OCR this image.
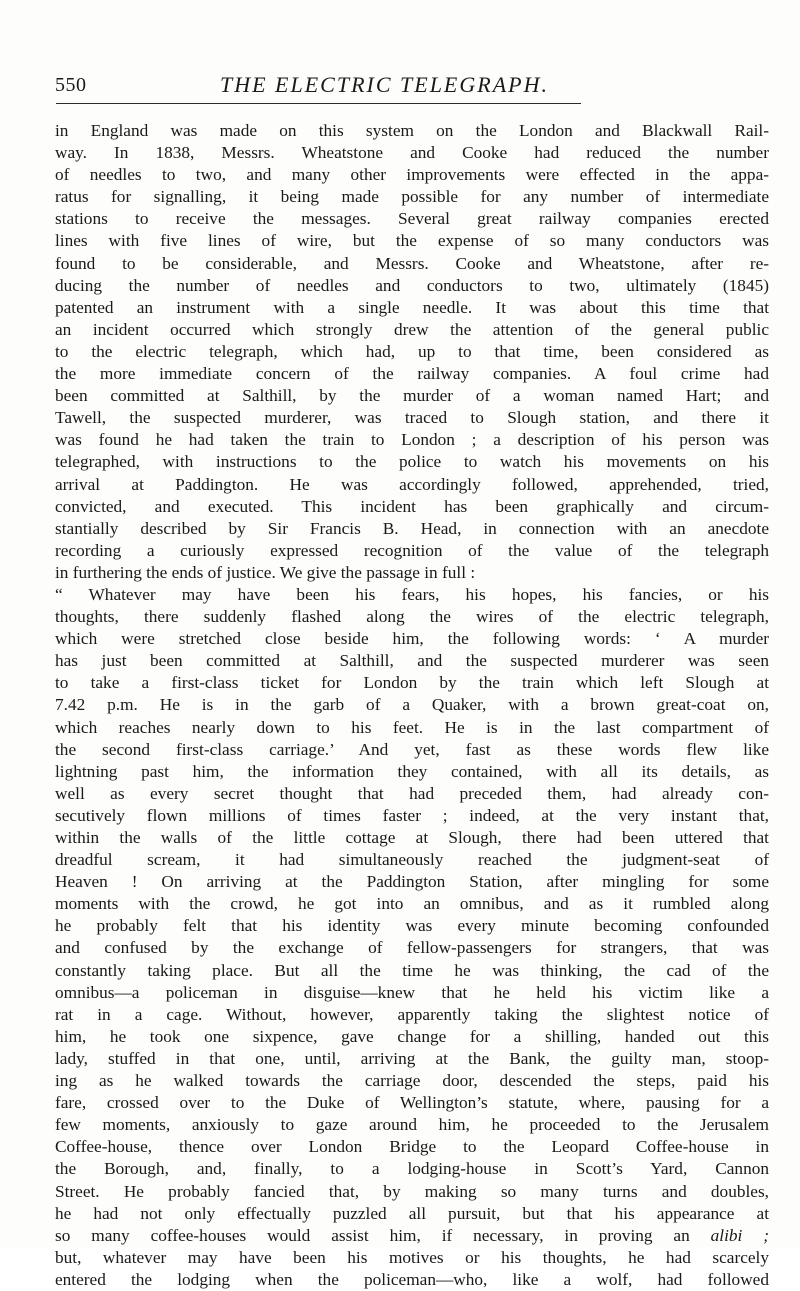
550	THE ELECTRIC TELEGRAPH.
in England was made on this system on the London and Blackwall Rail-
way. In 1838, Messrs. Wheatstone and Cooke had reduced the number
of needles to two, and many other improvements were effected in the appa-
ratus for signalling, it being made possible for any number of intermediate
stations to receive the messages. Several great railway companies erected
lines with five lines of wire, but the expense of so many conductors was
found to be considerable, and Messrs. Cooke and Wheatstone, after re-
ducing the number of needles and conductors to two, ultimately (1845)
patented an instrument with a single needle. It was about this time that
an incident occurred which strongly drew the attention of the general public
to the electric telegraph, which had, up to that time, been considered as
the more immediate concern of the railway companies. A foul crime had
been committed at Salthill, by the murder of a woman named Hart; and
Tawell, the suspected murderer, was traced to Slough station, and there it
was found he had taken the train to London ; a description of his person was
telegraphed, with instructions to the police to watch his movements on his
arrival at Paddington. He was accordingly followed, apprehended, tried,
convicted, and executed. This incident has been graphically and circum-
stantially described by Sir Francis B. Head, in connection with an anecdote
recording a curiously expressed recognition of the value of the telegraph
in furthering the ends of justice. We give the passage in full :
“ Whatever may have been his fears, his hopes, his fancies, or his
thoughts, there suddenly flashed along the wires of the electric telegraph,
which were stretched close beside him, the following words: ‘ A murder
has just been committed at Salthill, and the suspected murderer was seen
to take a first-class ticket for London by the train which left Slough at
7.42 p.m. He is in the garb of a Quaker, with a brown great-coat on,
which reaches nearly down to his feet. He is in the last compartment of
the second first-class carriage.’ And yet, fast as these words flew like
lightning past him, the information they contained, with all its details, as
well as every secret thought that had preceded them, had already con-
secutively flown millions of times faster ; indeed, at the very instant that,
within the walls of the little cottage at Slough, there had been uttered that
dreadful scream, it had simultaneously reached the judgment-seat of
Heaven ! On arriving at the Paddington Station, after mingling for some
moments with the crowd, he got into an omnibus, and as it rumbled along
he probably felt that his identity was every minute becoming confounded
and confused by the exchange of fellow-passengers for strangers, that was
constantly taking place. But all the time he was thinking, the cad of the
omnibus—a policeman in disguise—knew that he held his victim like a
rat in a cage. Without, however, apparently taking the slightest notice of
him, he took one sixpence, gave change for a shilling, handed out this
lady, stuffed in that one, until, arriving at the Bank, the guilty man, stoop-
ing as he walked towards the carriage door, descended the steps, paid his
fare, crossed over to the Duke of Wellington’s statute, where, pausing for a
few moments, anxiously to gaze around him, he proceeded to the Jerusalem
Coffee-house, thence over London Bridge to the Leopard Coffee-house in
the Borough, and, finally, to a lodging-house in Scott’s Yard, Cannon
Street. He probably fancied that, by making so many turns and doubles,
he had not only effectually puzzled all pursuit, but that his appearance at
so many coffee-houses would assist him, if necessary, in proving an alibi ;
but, whatever may have been his motives or his thoughts, he had scarcely
entered the lodging when the policeman—who, like a wolf, had followed
